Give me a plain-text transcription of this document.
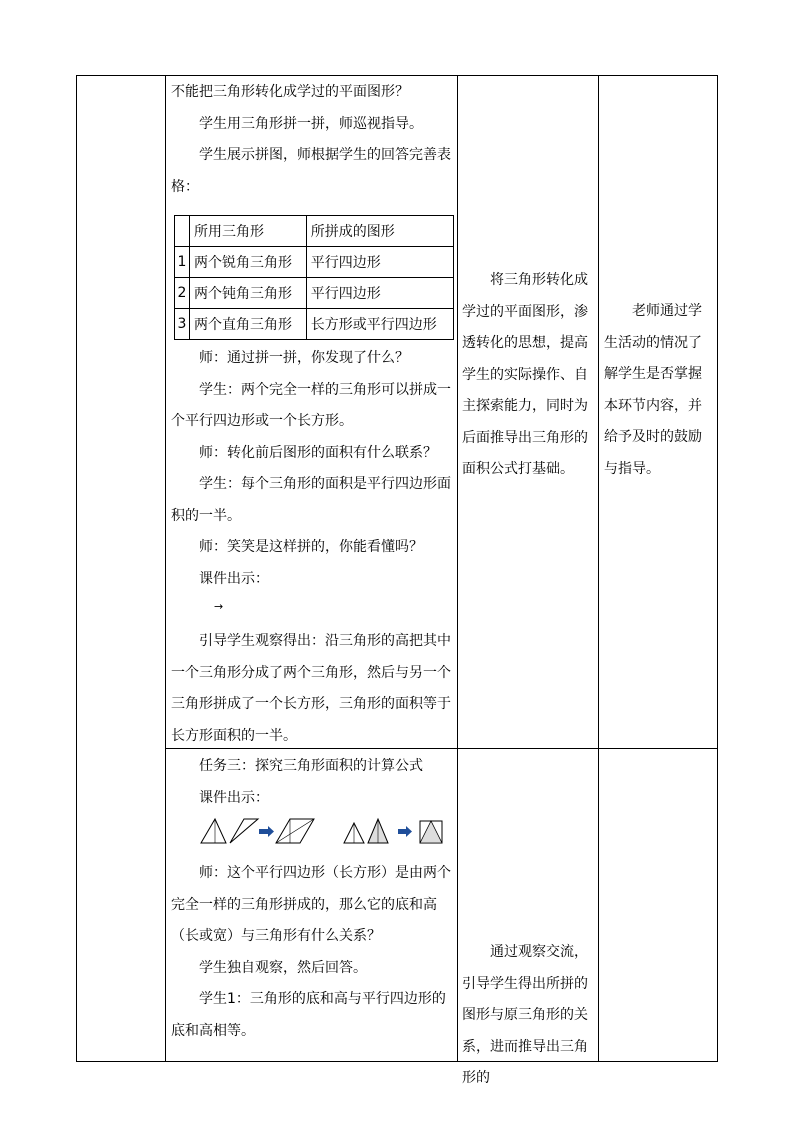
不能把三角形转化成学过的平面图形？

学生用三角形拼一拼，师巡视指导。

学生展示拼图，师根据学生的回答完善表格：

	所用三角形	所拼成的图形
1	两个锐角三角形	平行四边形
2	两个钝角三角形	平行四边形
3	两个直角三角形	长方形或平行四边形

师：通过拼一拼，你发现了什么？

学生：两个完全一样的三角形可以拼成一个平行四边形或一个长方形。

师：转化前后图形的面积有什么联系？

学生：每个三角形的面积是平行四边形面积的一半。

师：笑笑是这样拼的，你能看懂吗？

课件出示：

引导学生观察得出：沿三角形的高把其中一个三角形分成了两个三角形，然后与另一个三角形拼成了一个长方形，三角形的面积等于长方形面积的一半。

→

将三角形转化成学过的平面图形，渗透转化的思想，提高学生的实际操作、自主探索能力，同时为后面推导出三角形的面积公式打基础。

老师通过学生活动的情况了解学生是否掌握本环节内容，并给予及时的鼓励与指导。

任务三：探究三角形面积的计算公式

课件出示：

师：这个平行四边形（长方形）是由两个完全一样的三角形拼成的，那么它的底和高（长或宽）与三角形有什么关系？

学生独自观察，然后回答。

学生1：三角形的底和高与平行四边形的底和高相等。

通过观察交流，引导学生得出所拼的图形与原三角形的关系，进而推导出三角形的
